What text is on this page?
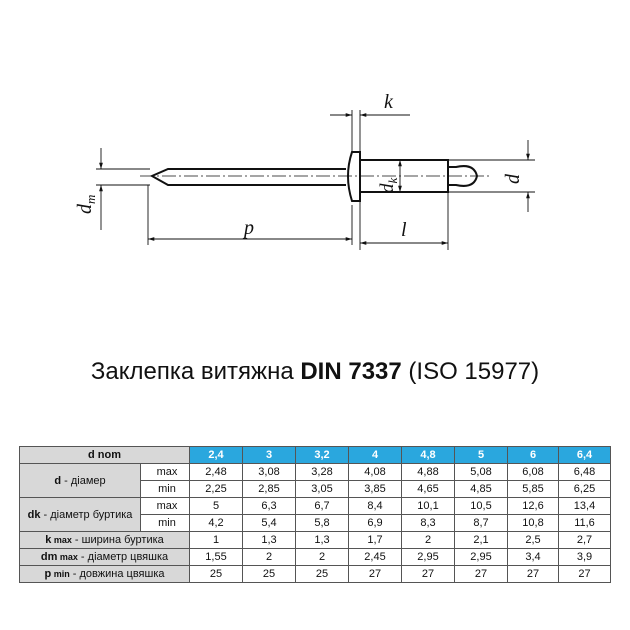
$d_m$
p	l
k
$d_k$	d
Заклепка витяжна DIN 7337 (ISO 15977)
d nom		2,4	3	3,2	4	4,8	5	6	6,4
d - діамер	max	2,48	3,08	3,28	4,08	4,88	5,08	6,08	6,48
	min	2,25	2,85	3,05	3,85	4,65	4,85	5,85	6,25
dk - діаметр буртика	max	5	6,3	6,7	8,4	10,1	10,5	12,6	13,4
	min	4,2	5,4	5,8	6,9	8,3	8,7	10,8	11,6
k max - ширина буртика		1	1,3	1,3	1,7	2	2,1	2,5	2,7
dm max - діаметр цвяшка		1,55	2	2	2,45	2,95	2,95	3,4	3,9
p min - довжина цвяшка		25	25	25	27	27	27	27	27
